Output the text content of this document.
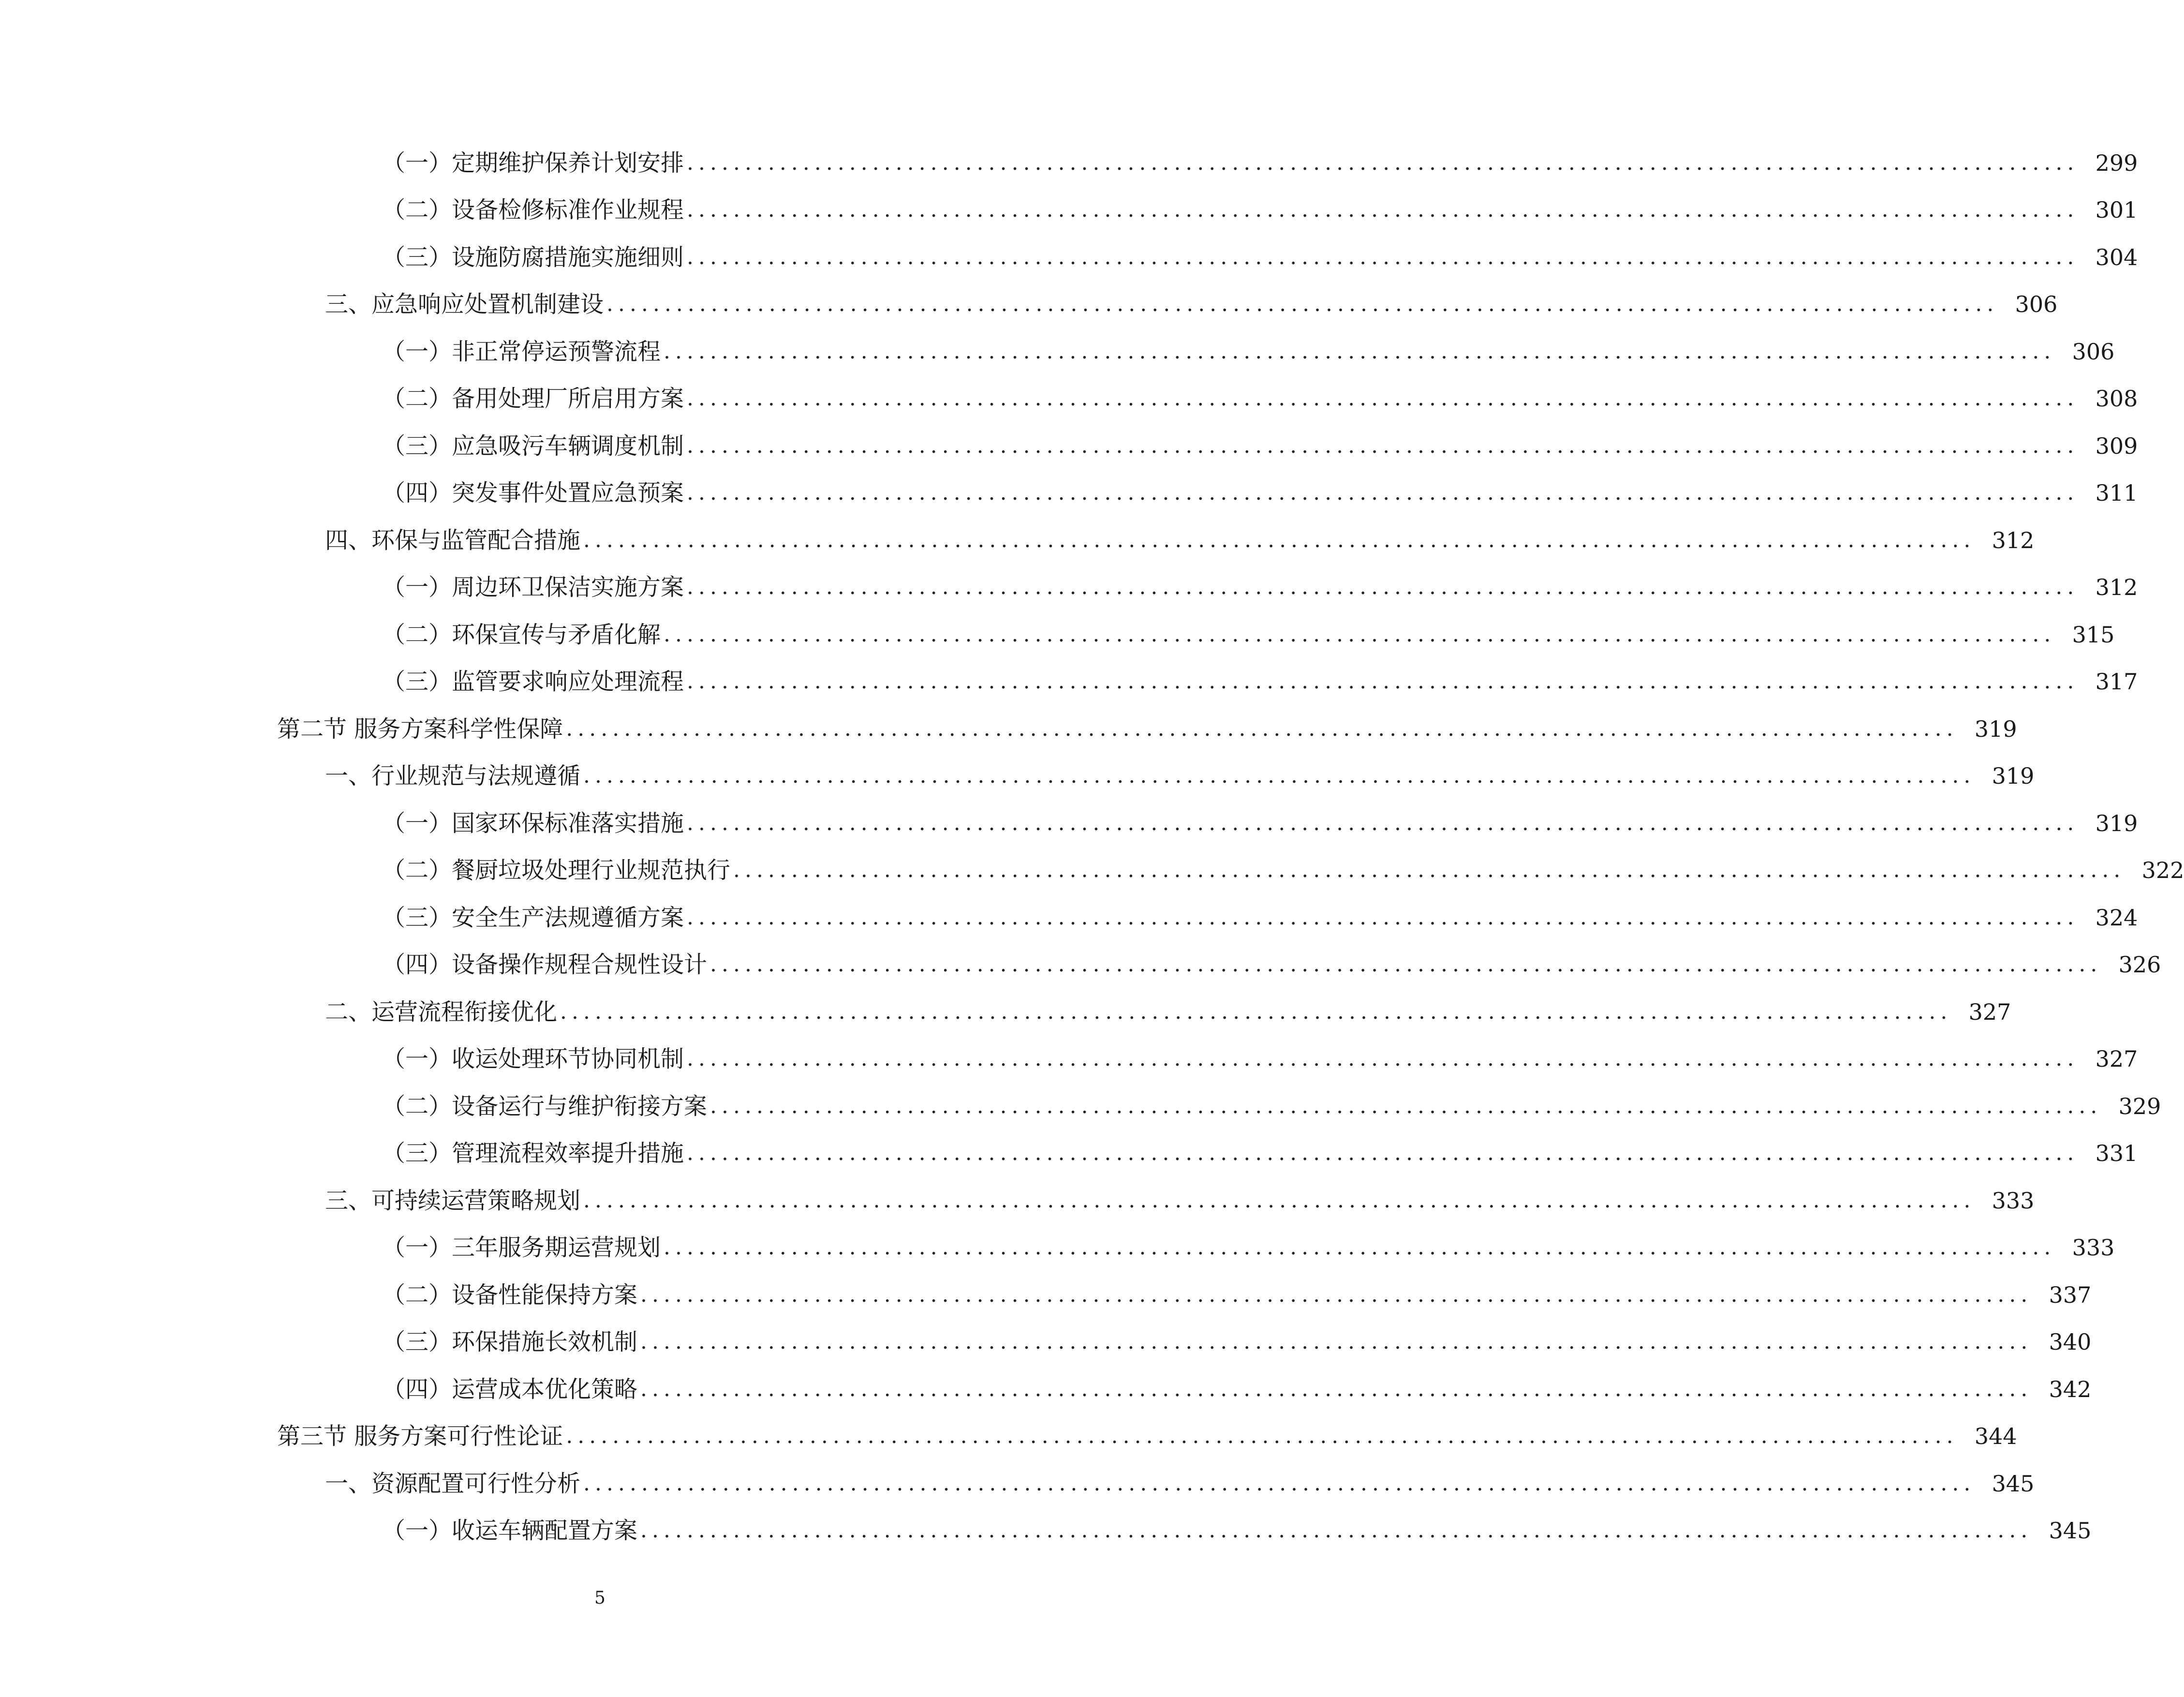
（一）定期维护保养计划安排 ........................................................................................................................ 299
（二）设备检修标准作业规程 ........................................................................................................................ 301
（三）设施防腐措施实施细则 ........................................................................................................................ 304
三、应急响应处置机制建设 ........................................................................................................................ 306
（一）非正常停运预警流程 ........................................................................................................................ 306
（二）备用处理厂所启用方案 ........................................................................................................................ 308
（三）应急吸污车辆调度机制 ........................................................................................................................ 309
（四）突发事件处置应急预案 ........................................................................................................................ 311
四、环保与监管配合措施 ........................................................................................................................ 312
（一）周边环卫保洁实施方案 ........................................................................................................................ 312
（二）环保宣传与矛盾化解 ........................................................................................................................ 315
（三）监管要求响应处理流程 ........................................................................................................................ 317
第二节 服务方案科学性保障 ........................................................................................................................ 319
一、行业规范与法规遵循 ........................................................................................................................ 319
（一）国家环保标准落实措施 ........................................................................................................................ 319
（二）餐厨垃圾处理行业规范执行 ........................................................................................................................ 322
（三）安全生产法规遵循方案 ........................................................................................................................ 324
（四）设备操作规程合规性设计 ........................................................................................................................ 326
二、运营流程衔接优化 ........................................................................................................................ 327
（一）收运处理环节协同机制 ........................................................................................................................ 327
（二）设备运行与维护衔接方案 ........................................................................................................................ 329
（三）管理流程效率提升措施 ........................................................................................................................ 331
三、可持续运营策略规划 ........................................................................................................................ 333
（一）三年服务期运营规划 ........................................................................................................................ 333
（二）设备性能保持方案 ........................................................................................................................ 337
（三）环保措施长效机制 ........................................................................................................................ 340
（四）运营成本优化策略 ........................................................................................................................ 342
第三节 服务方案可行性论证 ........................................................................................................................ 344
一、资源配置可行性分析 ........................................................................................................................ 345
（一）收运车辆配置方案 ........................................................................................................................ 345
5
